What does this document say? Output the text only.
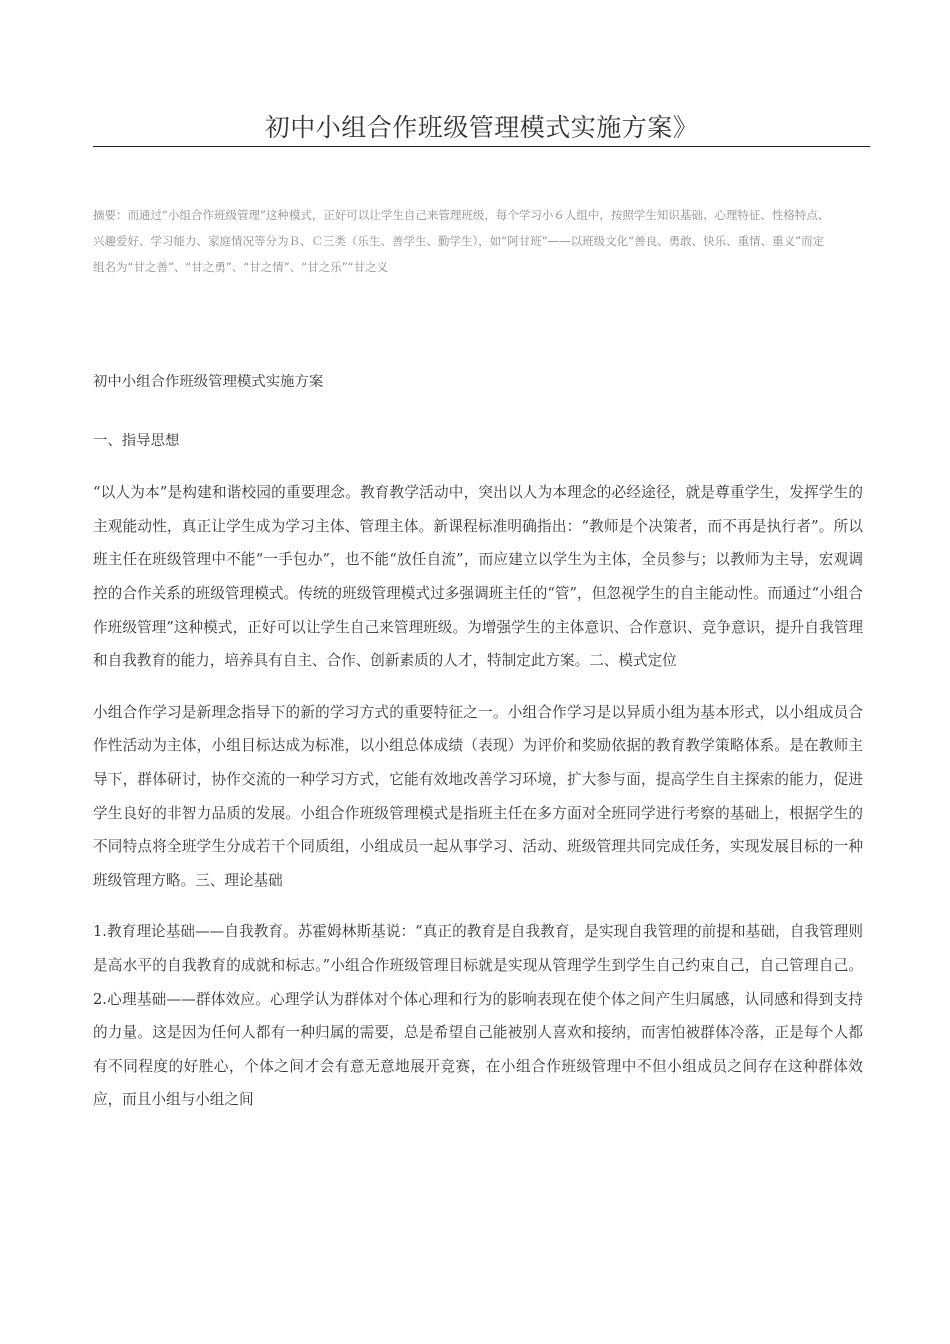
初中小组合作班级管理模式实施方案》

摘要：而通过“小组合作班级管理”这种模式，正好可以让学生自己来管理班级，每个学习小６人组中，按照学生知识基础、心理特征、性格特点、兴趣爱好、学习能力、家庭情况等分为Ｂ、Ｃ三类（乐生、善学生、勤学生），如“阿甘班”——以班级文化“善良、勇敢、快乐、重情、重义”而定组名为“甘之善”、“甘之勇”、“甘之情”、“甘之乐”“甘之义

初中小组合作班级管理模式实施方案

一、指导思想

“以人为本”是构建和谐校园的重要理念。教育教学活动中，突出以人为本理念的必经途径，就是尊重学生，发挥学生的主观能动性，真正让学生成为学习主体、管理主体。新课程标准明确指出：“教师是个决策者，而不再是执行者”。所以班主任在班级管理中不能“一手包办”，也不能“放任自流”，而应建立以学生为主体，全员参与；以教师为主导，宏观调控的合作关系的班级管理模式。传统的班级管理模式过多强调班主任的“管”，但忽视学生的自主能动性。而通过“小组合作班级管理”这种模式，正好可以让学生自己来管理班级。为增强学生的主体意识、合作意识、竞争意识，提升自我管理和自我教育的能力，培养具有自主、合作、创新素质的人才，特制定此方案。二、模式定位

小组合作学习是新理念指导下的新的学习方式的重要特征之一。小组合作学习是以异质小组为基本形式，以小组成员合作性活动为主体，小组目标达成为标准，以小组总体成绩（表现）为评价和奖励依据的教育教学策略体系。是在教师主导下，群体研讨，协作交流的一种学习方式，它能有效地改善学习环境，扩大参与面，提高学生自主探索的能力，促进学生良好的非智力品质的发展。小组合作班级管理模式是指班主任在多方面对全班同学进行考察的基础上，根据学生的不同特点将全班学生分成若干个同质组，小组成员一起从事学习、活动、班级管理共同完成任务，实现发展目标的一种班级管理方略。三、理论基础

1.教育理论基础——自我教育。苏霍姆林斯基说：“真正的教育是自我教育，是实现自我管理的前提和基础，自我管理则是高水平的自我教育的成就和标志。”小组合作班级管理目标就是实现从管理学生到学生自己约束自己，自己管理自己。2.心理基础——群体效应。心理学认为群体对个体心理和行为的影响表现在使个体之间产生归属感，认同感和得到支持的力量。这是因为任何人都有一种归属的需要，总是希望自己能被别人喜欢和接纳，而害怕被群体冷落，正是每个人都有不同程度的好胜心，个体之间才会有意无意地展开竞赛，在小组合作班级管理中不但小组成员之间存在这种群体效应，而且小组与小组之间
